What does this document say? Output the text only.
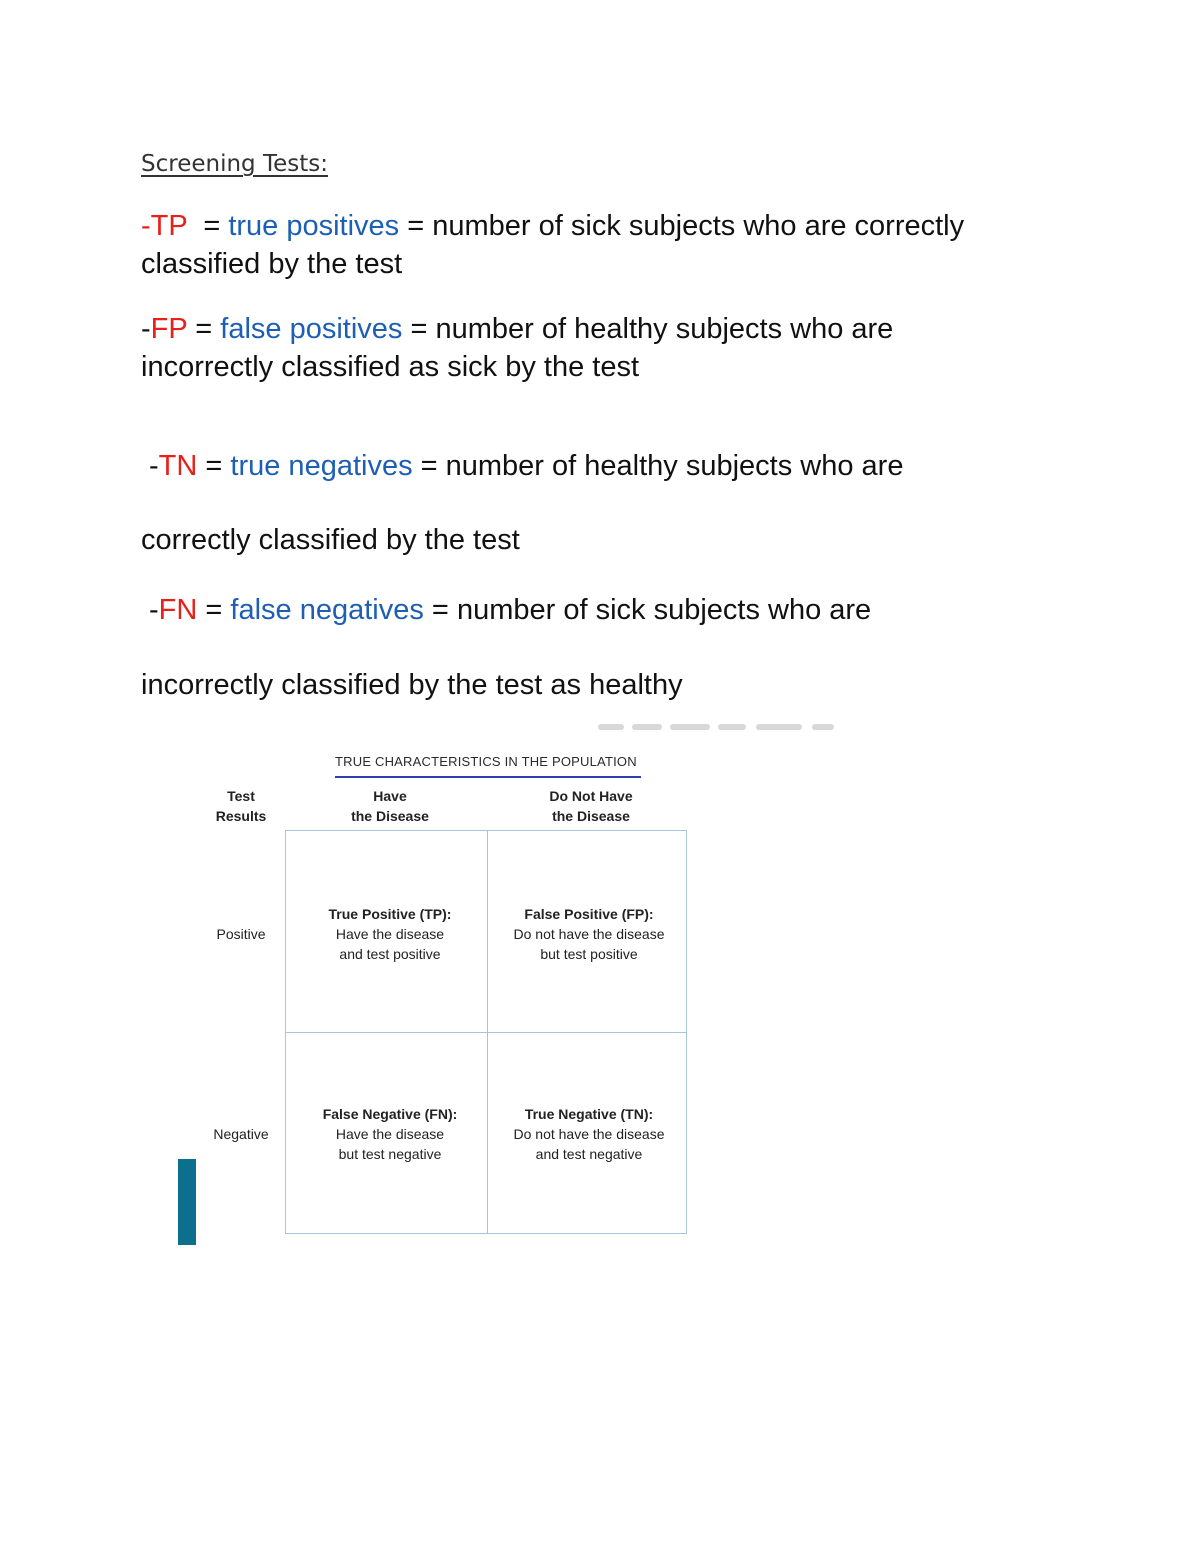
Screening Tests:

-TP  = true positives = number of sick subjects who are correctly

classified by the test

-FP = false positives = number of healthy subjects who are

incorrectly classified as sick by the test

-TN = true negatives = number of healthy subjects who are

correctly classified by the test

-FN = false negatives = number of sick subjects who are

incorrectly classified by the test as healthy

TRUE CHARACTERISTICS IN THE POPULATION
Test
Results
Have
the Disease
Do Not Have
the Disease
Positive
Negative
True Positive (TP):
Have the disease
and test positive
False Positive (FP):
Do not have the disease
but test positive
False Negative (FN):
Have the disease
but test negative
True Negative (TN):
Do not have the disease
and test negative
